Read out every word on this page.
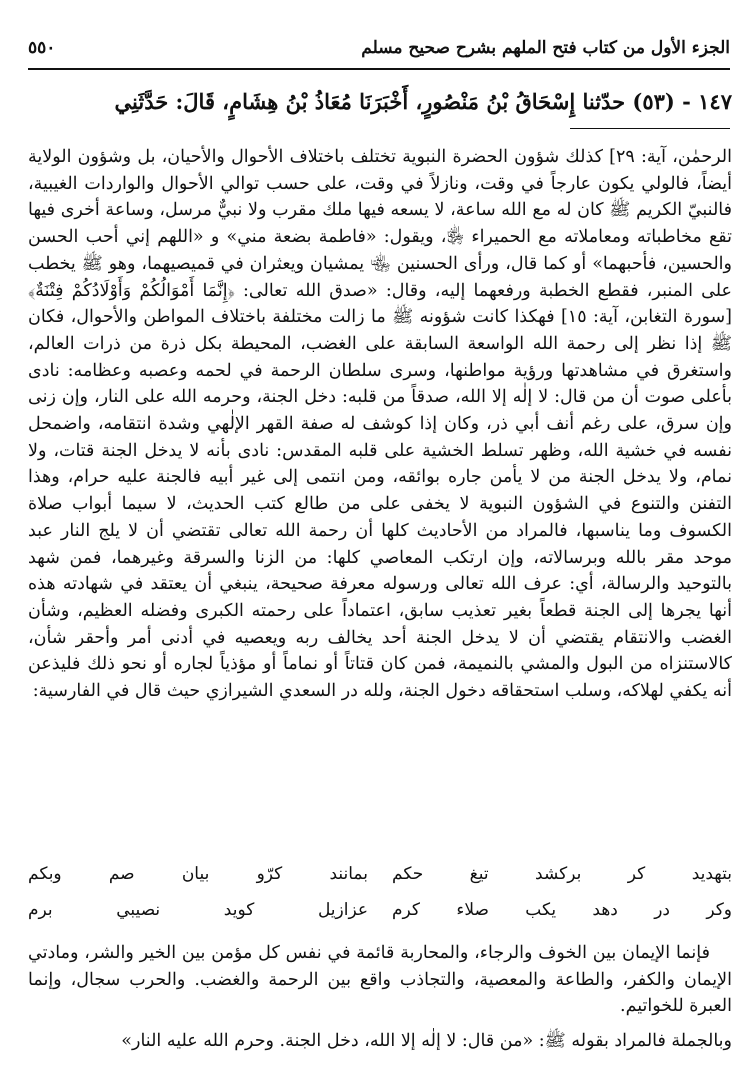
الجزء الأول من كتاب فتح الملهم بشرح صحيح مسلم
٥٥٠
١٤٧ - (٥٣) حدّثنا إِسْحَاقُ بْنُ مَنْصُورٍ، أَخْبَرَنَا مُعَاذُ بْنُ هِشَامٍ، قَالَ: حَدَّثَنِي

الرحمٰن، آية: ٢٩] كذلك شؤون الحضرة النبوية تختلف باختلاف الأحوال والأحيان، بل وشؤون الولاية أيضاً، فالولي يكون عارجاً في وقت، ونازلاً في وقت، على حسب توالي الأحوال والواردات الغيبية، فالنبيّ الكريم ﷺ كان له مع الله ساعة، لا يسعه فيها ملك مقرب ولا نبيٌّ مرسل، وساعة أخرى فيها تقع مخاطباته ومعاملاته مع الحميراء ﵂، ويقول: «فاطمة بضعة مني» و «اللهم إني أحب الحسن والحسين، فأحبهما» أو كما قال، ورأى الحسنين ﵄ يمشيان ويعثران في قميصيهما، وهو ﷺ يخطب على المنبر، فقطع الخطبة ورفعهما إليه، وقال: «صدق الله تعالى: ﴿إِنَّمَا أَمْوَالُكُمْ وَأَوْلَادُكُمْ فِتْنَةٌ﴾ [سورة التغابن، آية: ١٥] فهكذا كانت شؤونه ﷺ ما زالت مختلفة باختلاف المواطن والأحوال، فكان ﷺ إذا نظر إلى رحمة الله الواسعة السابقة على الغضب، المحيطة بكل ذرة من ذرات العالم، واستغرق في مشاهدتها ورؤية مواطنها، وسرى سلطان الرحمة في لحمه وعصبه وعظامه: نادى بأعلى صوت أن من قال: لا إلٰه إلا الله، صدقاً من قلبه: دخل الجنة، وحرمه الله على النار، وإن زنى وإن سرق، على رغم أنف أبي ذر، وكان إذا كوشف له صفة القهر الإلٰهي وشدة انتقامه، واضمحل نفسه في خشية الله، وظهر تسلط الخشية على قلبه المقدس: نادى بأنه لا يدخل الجنة قتات، ولا نمام، ولا يدخل الجنة من لا يأمن جاره بوائقه، ومن انتمى إلى غير أبيه فالجنة عليه حرام، وهذا التفنن والتنوع في الشؤون النبوية لا يخفى على من طالع كتب الحديث، لا سيما أبواب صلاة الكسوف وما يناسبها، فالمراد من الأحاديث كلها أن رحمة الله تعالى تقتضي أن لا يلج النار عبد موحد مقر بالله وبرسالاته، وإن ارتكب المعاصي كلها: من الزنا والسرقة وغيرهما، فمن شهد بالتوحيد والرسالة، أي: عرف الله تعالى ورسوله معرفة صحيحة، ينبغي أن يعتقد في شهادته هذه أنها يجرها إلى الجنة قطعاً بغير تعذيب سابق، اعتماداً على رحمته الكبرى وفضله العظيم، وشأن الغضب والانتقام يقتضي أن لا يدخل الجنة أحد يخالف ربه ويعصيه في أدنى أمر وأحقر شأن، كالاستنزاه من البول والمشي بالنميمة، فمن كان قتاتاً أو نماماً أو مؤذياً لجاره أو نحو ذلك فليذعن أنه يكفي لهلاكه، وسلب استحقاقه دخول الجنة، ولله در السعدي الشيرازي حيث قال في الفارسية:

بتهديد كر بركشد تيغ حكم
بمانند كرّو بيان صم وبكم
وكر در دهد يكب صلاء كرم
عزازيل كويد نصيبي برم

فإنما الإيمان بين الخوف والرجاء، والمحاربة قائمة في نفس كل مؤمن بين الخير والشر، ومادتي الإيمان والكفر، والطاعة والمعصية، والتجاذب واقع بين الرحمة والغضب. والحرب سجال، وإنما العبرة للخواتيم.

وبالجملة فالمراد بقوله ﷺ: «من قال: لا إلٰه إلا الله، دخل الجنة. وحرم الله عليه النار»
